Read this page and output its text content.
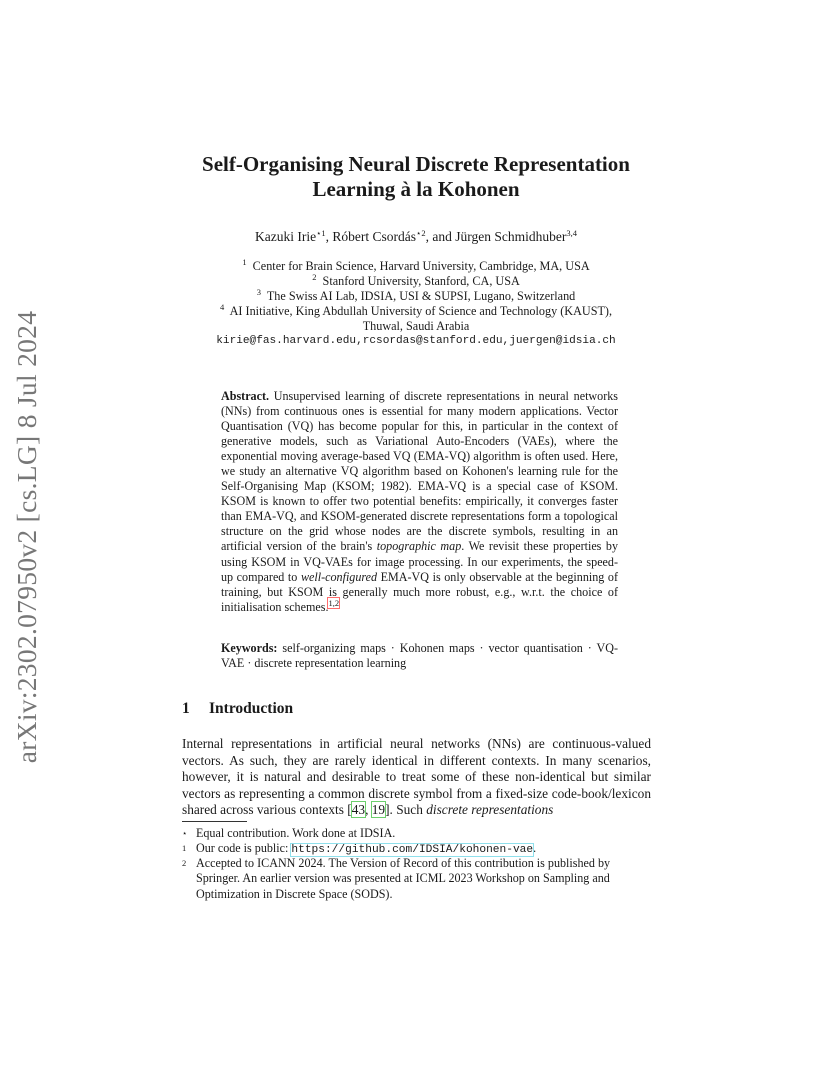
arXiv:2302.07950v2 [cs.LG] 8 Jul 2024
Self-Organising Neural Discrete Representation
Learning à la Kohonen
Kazuki Irie$^{⋆1}$, Róbert Csordás$^{⋆2}$, and Jürgen Schmidhuber$^{3,4}$
$^1$ Center for Brain Science, Harvard University, Cambridge, MA, USA
$^2$ Stanford University, Stanford, CA, USA
$^3$ The Swiss AI Lab, IDSIA, USI & SUPSI, Lugano, Switzerland
$^4$ AI Initiative, King Abdullah University of Science and Technology (KAUST),
Thuwal, Saudi Arabia
kirie@fas.harvard.edu,rcsordas@stanford.edu,juergen@idsia.ch
Abstract. Unsupervised learning of discrete representations in neural networks (NNs) from continuous ones is essential for many modern applications. Vector Quantisation (VQ) has become popular for this, in particular in the context of generative models, such as Variational Auto-Encoders (VAEs), where the exponential moving average-based VQ (EMA-VQ) algorithm is often used. Here, we study an alternative VQ algorithm based on Kohonen's learning rule for the Self-Organising Map (KSOM; 1982). EMA-VQ is a special case of KSOM. KSOM is known to offer two potential benefits: empirically, it converges faster than EMA-VQ, and KSOM-generated discrete representations form a topological structure on the grid whose nodes are the discrete symbols, resulting in an artificial version of the brain's topographic map. We revisit these properties by using KSOM in VQ-VAEs for image processing. In our experiments, the speed-up compared to well-configured EMA-VQ is only observable at the beginning of training, but KSOM is generally much more robust, e.g., w.r.t. the choice of initialisation schemes.$^{1,2}$
Keywords: self-organizing maps · Kohonen maps · vector quantisation · VQ-VAE · discrete representation learning
1 Introduction
Internal representations in artificial neural networks (NNs) are continuous-valued vectors. As such, they are rarely identical in different contexts. In many scenarios, however, it is natural and desirable to treat some of these non-identical but similar vectors as representing a common discrete symbol from a fixed-size code-book/lexicon shared across various contexts [43, 19]. Such discrete representations
⋆ Equal contribution. Work done at IDSIA.
1 Our code is public: https://github.com/IDSIA/kohonen-vae.
2 Accepted to ICANN 2024. The Version of Record of this contribution is published by Springer. An earlier version was presented at ICML 2023 Workshop on Sampling and Optimization in Discrete Space (SODS).
